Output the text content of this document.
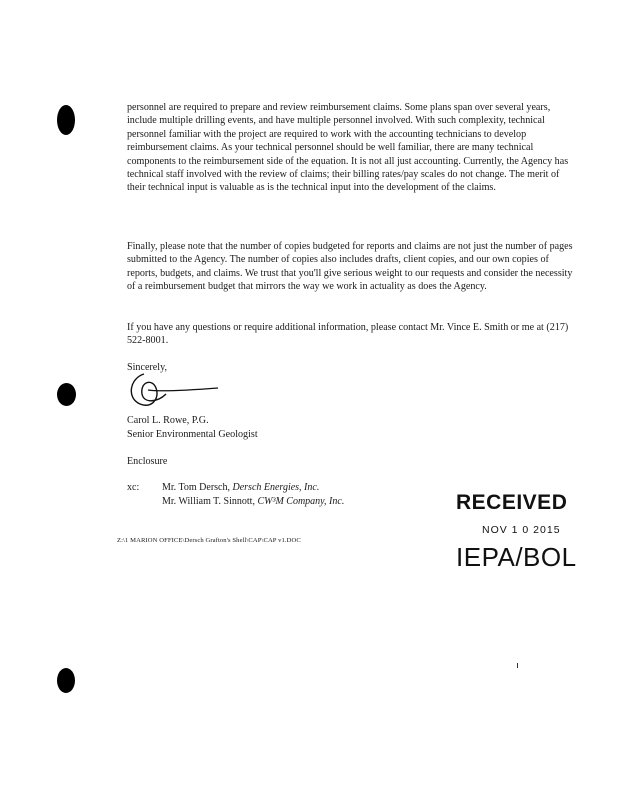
personnel are required to prepare and review reimbursement claims. Some plans span over several years, include multiple drilling events, and have multiple personnel involved. With such complexity, technical personnel familiar with the project are required to work with the accounting technicians to develop reimbursement claims. As your technical personnel should be well familiar, there are many technical components to the reimbursement side of the equation. It is not all just accounting. Currently, the Agency has technical staff involved with the review of claims; their billing rates/pay scales do not change. The merit of their technical input is valuable as is the technical input into the development of the claims.

Finally, please note that the number of copies budgeted for reports and claims are not just the number of pages submitted to the Agency. The number of copies also includes drafts, client copies, and our own copies of reports, budgets, and claims. We trust that you'll give serious weight to our requests and consider the necessity of a reimbursement budget that mirrors the way we work in actuality as does the Agency.

If you have any questions or require additional information, please contact Mr. Vince E. Smith or me at (217) 522-8001.

Sincerely,
Carol L. Rowe, P.G.
Senior Environmental Geologist
Enclosure
xc: Mr. Tom Dersch, Dersch Energies, Inc.
Mr. William T. Sinnott, CW³M Company, Inc.
Z:\1 MARION OFFICE\Dersch Grafton's Shell\CAP\CAP v1.DOC
RECEIVED
NOV 1 0 2015
IEPA/BOL
